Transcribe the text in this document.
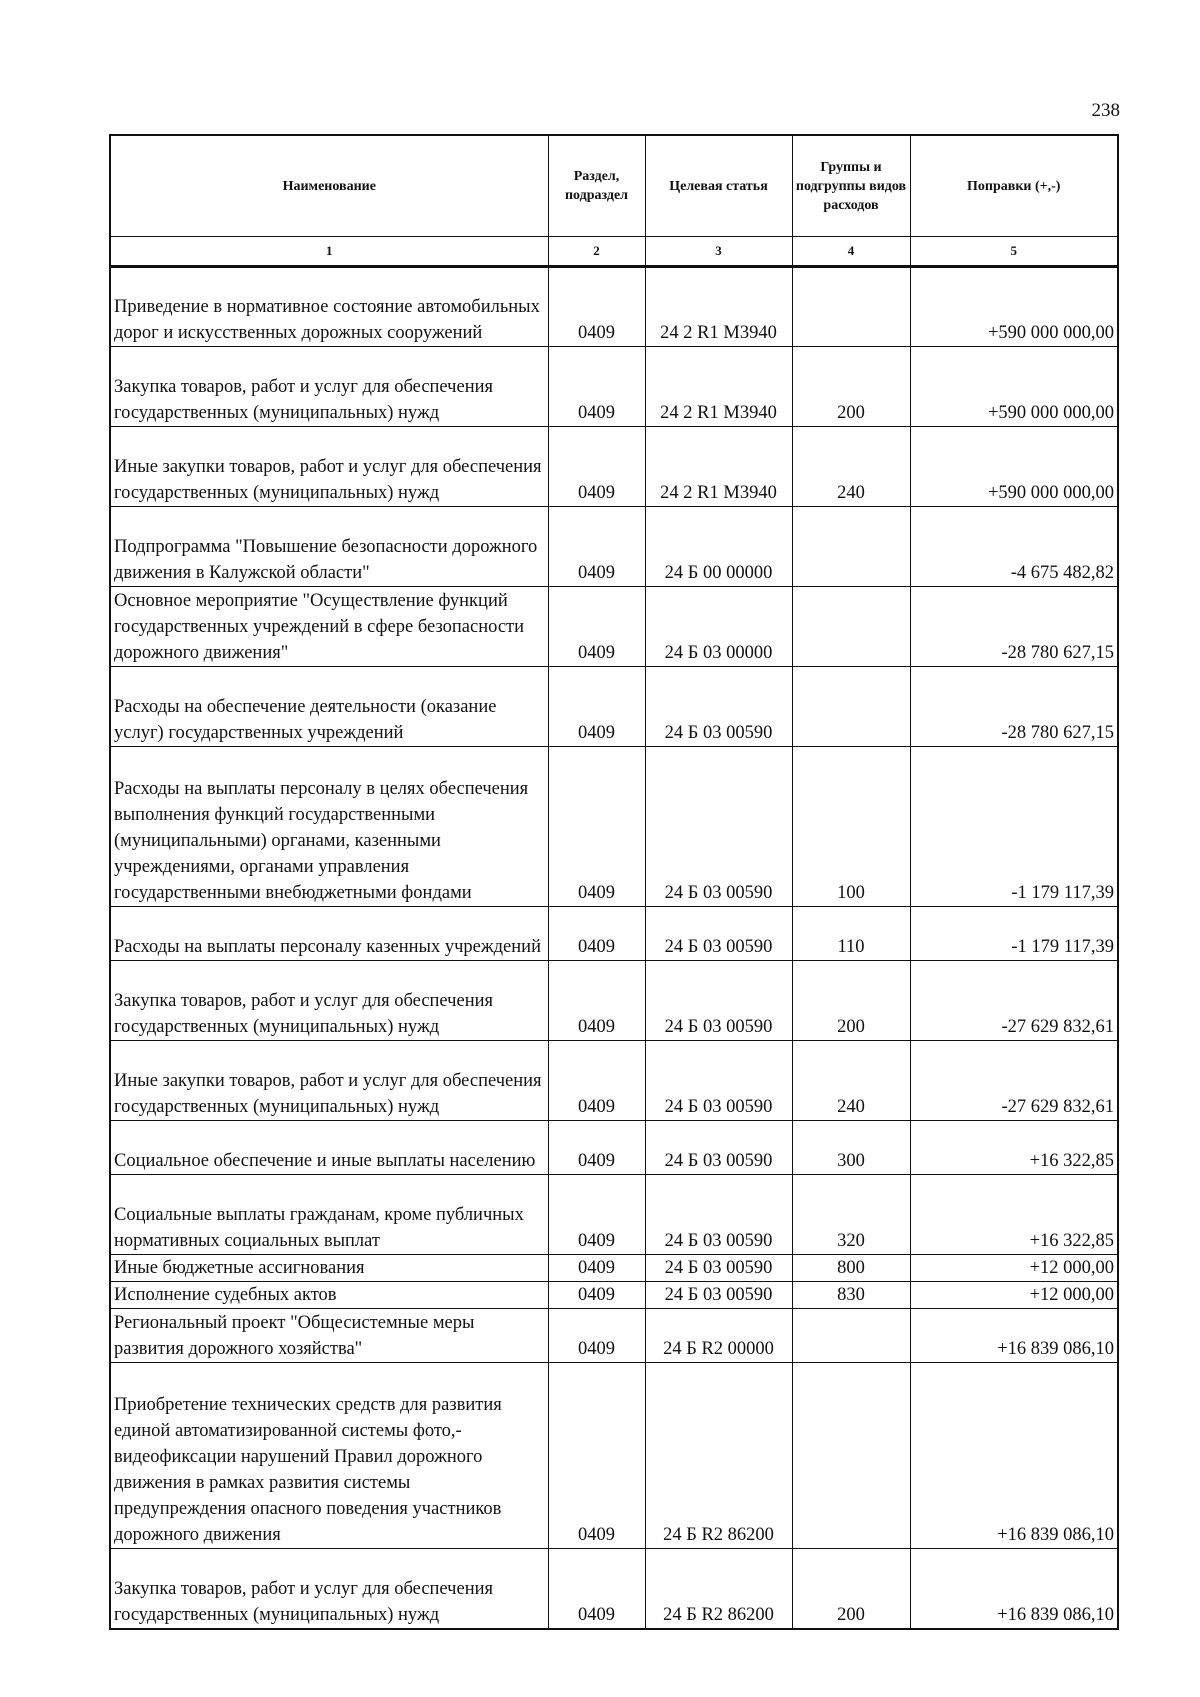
238
Наименование	Раздел, подраздел	Целевая статья	Группы и подгруппы видов расходов	Поправки (+,-)
1	2	3	4	5
Приведение в нормативное состояние автомобильных дорог и искусственных дорожных сооружений	0409	24 2 R1 M3940		+590 000 000,00
Закупка товаров, работ и услуг для обеспечения государственных (муниципальных) нужд	0409	24 2 R1 M3940	200	+590 000 000,00
Иные закупки товаров, работ и услуг для обеспечения государственных (муниципальных) нужд	0409	24 2 R1 M3940	240	+590 000 000,00
Подпрограмма "Повышение безопасности дорожного движения в Калужской области"	0409	24 Б 00 00000		-4 675 482,82
Основное мероприятие "Осуществление функций государственных учреждений в сфере безопасности дорожного движения"	0409	24 Б 03 00000		-28 780 627,15
Расходы на обеспечение деятельности (оказание услуг) государственных учреждений	0409	24 Б 03 00590		-28 780 627,15
Расходы на выплаты персоналу в целях обеспечения выполнения функций государственными (муниципальными) органами, казенными учреждениями, органами управления государственными внебюджетными фондами	0409	24 Б 03 00590	100	-1 179 117,39
Расходы на выплаты персоналу казенных учреждений	0409	24 Б 03 00590	110	-1 179 117,39
Закупка товаров, работ и услуг для обеспечения государственных (муниципальных) нужд	0409	24 Б 03 00590	200	-27 629 832,61
Иные закупки товаров, работ и услуг для обеспечения государственных (муниципальных) нужд	0409	24 Б 03 00590	240	-27 629 832,61
Социальное обеспечение и иные выплаты населению	0409	24 Б 03 00590	300	+16 322,85
Социальные выплаты гражданам, кроме публичных нормативных социальных выплат	0409	24 Б 03 00590	320	+16 322,85
Иные бюджетные ассигнования	0409	24 Б 03 00590	800	+12 000,00
Исполнение судебных актов	0409	24 Б 03 00590	830	+12 000,00
Региональный проект "Общесистемные меры развития дорожного хозяйства"	0409	24 Б R2 00000		+16 839 086,10
Приобретение технических средств для развития единой автоматизированной системы фото,-видеофиксации нарушений Правил дорожного движения в рамках развития системы предупреждения опасного поведения участников дорожного движения	0409	24 Б R2 86200		+16 839 086,10
Закупка товаров, работ и услуг для обеспечения государственных (муниципальных) нужд	0409	24 Б R2 86200	200	+16 839 086,10
